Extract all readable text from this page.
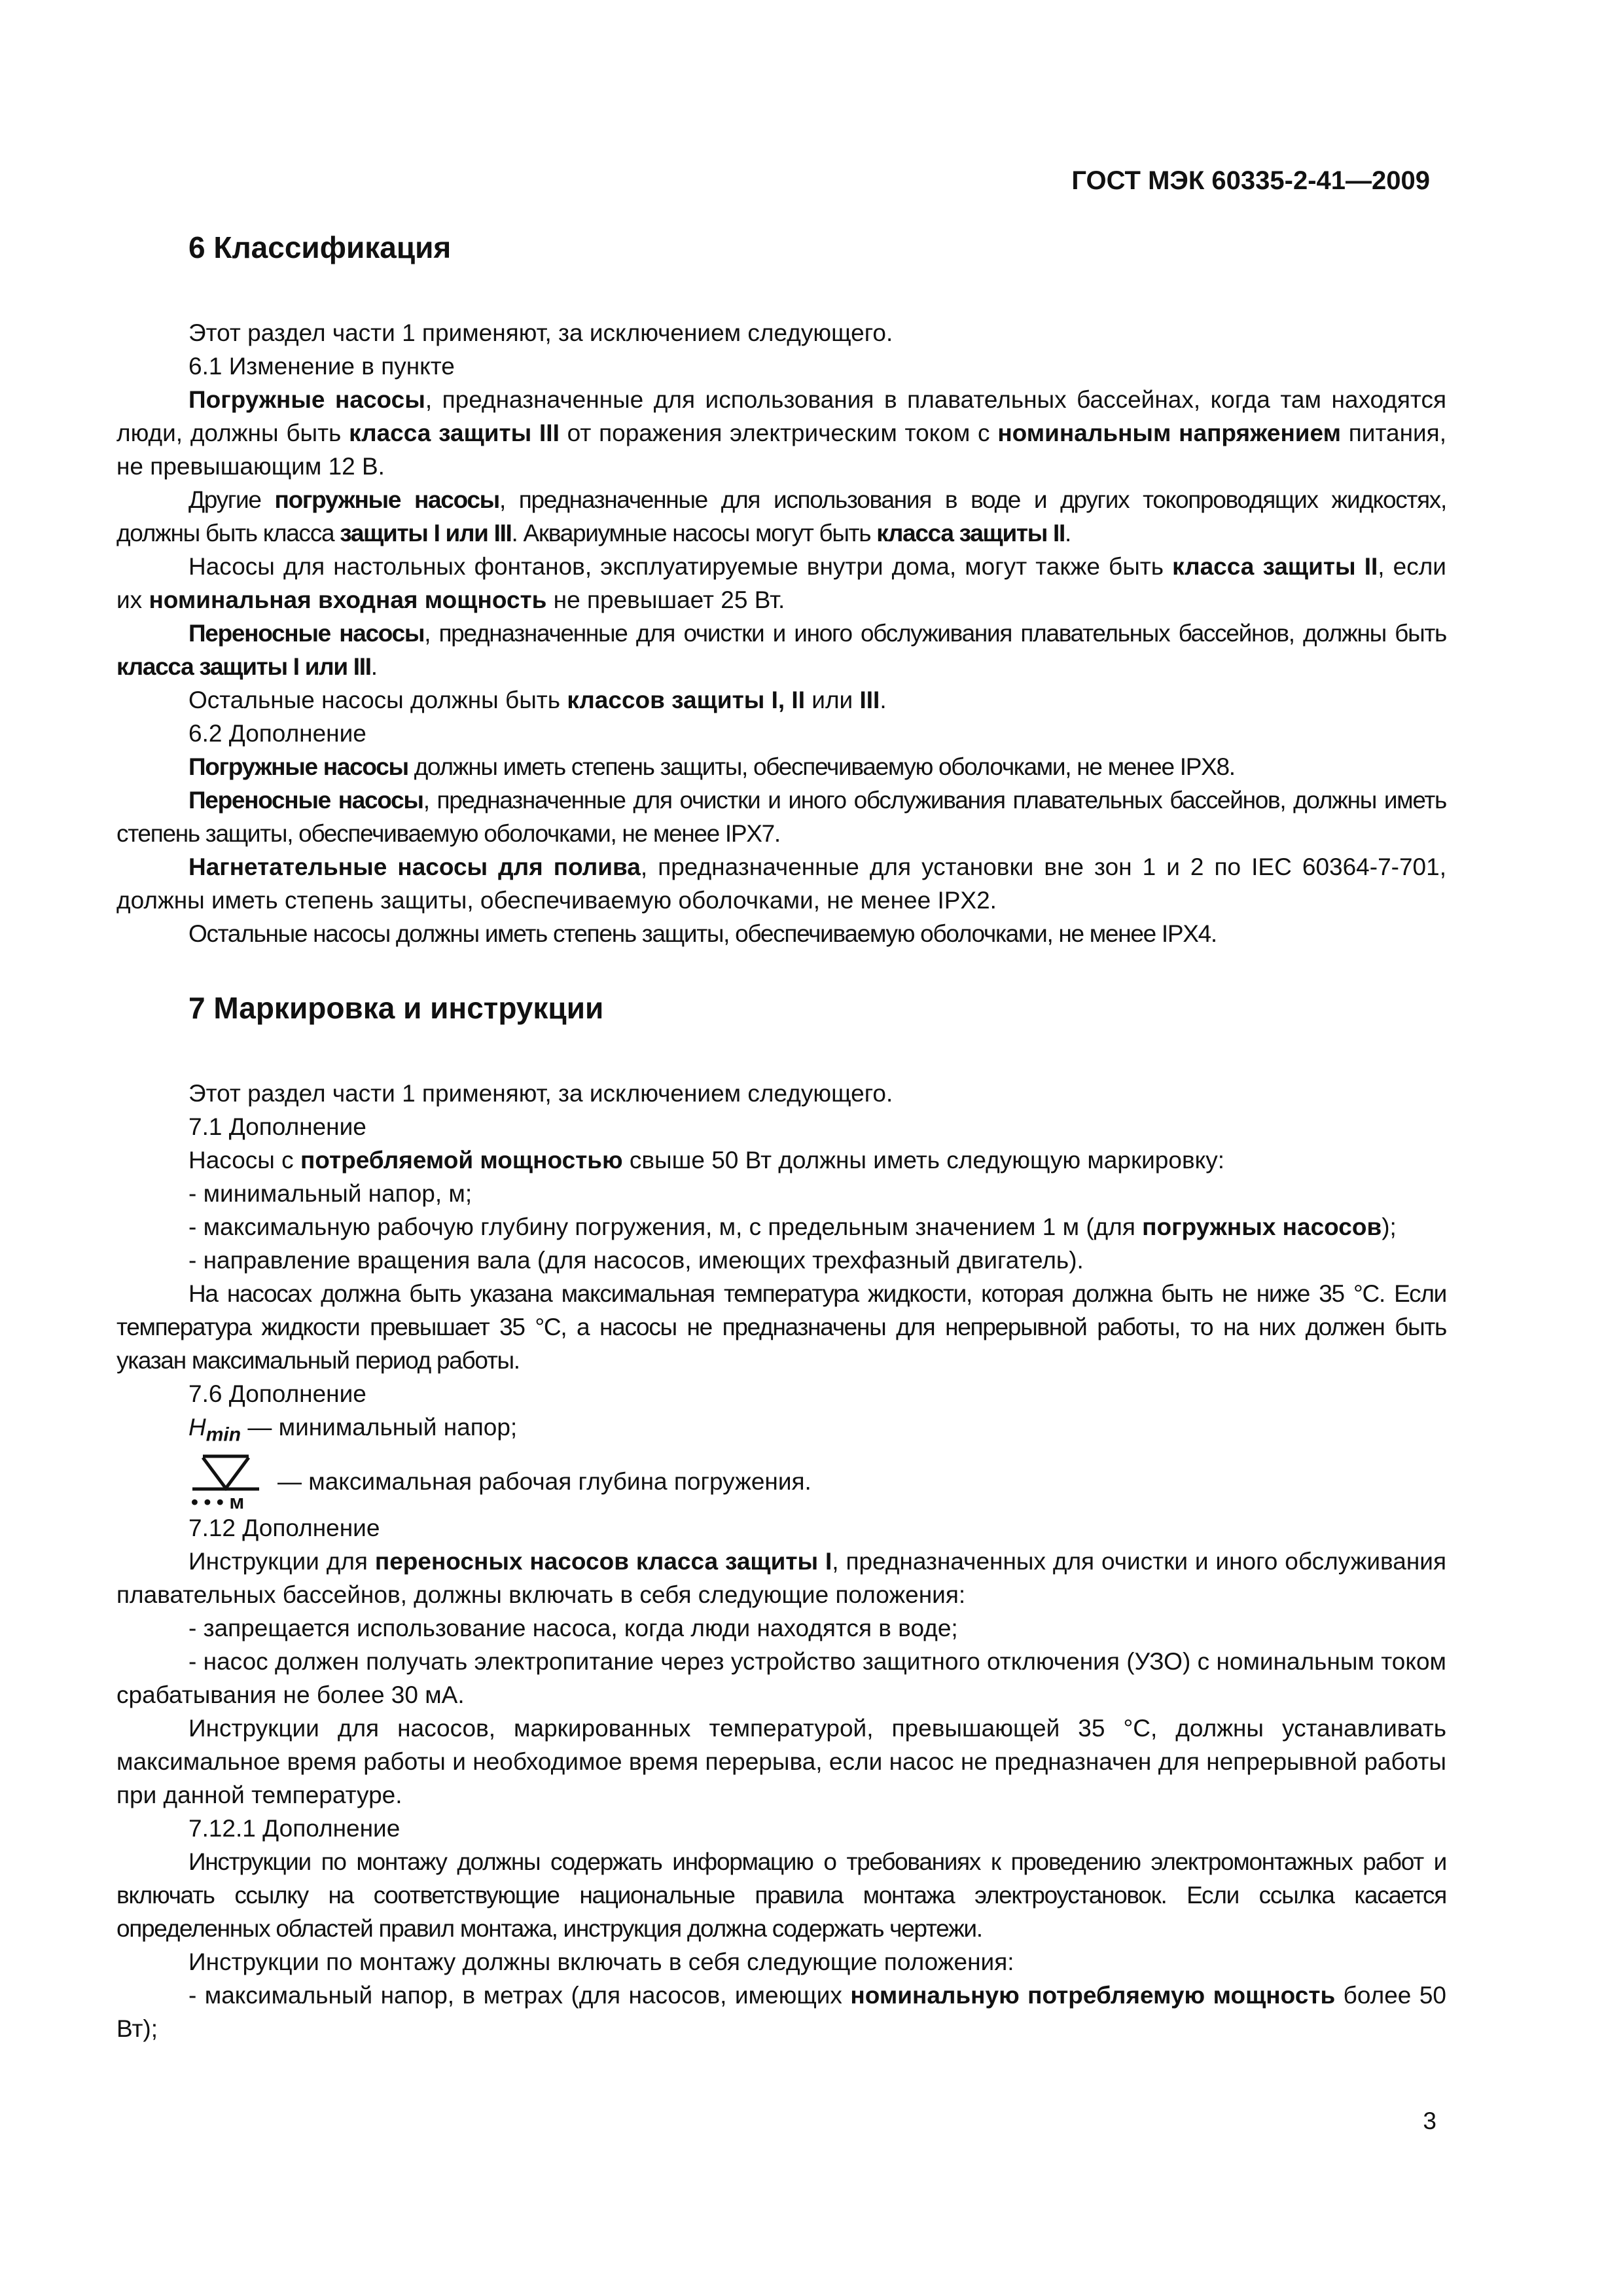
ГОСТ МЭК 60335-2-41—2009
6 Классификация

Этот раздел части 1 применяют, за исключением следующего.

6.1 Изменение в пункте

Погружные насосы, предназначенные для использования в плавательных бассейнах, когда там находятся люди, должны быть класса защиты III от поражения электрическим током с номинальным напряжением питания, не превышающим 12 В.

Другие погружные насосы, предназначенные для использования в воде и других токопроводящих жидкостях, должны быть класса защиты I или III. Аквариумные насосы могут быть класса защиты II.

Насосы для настольных фонтанов, эксплуатируемые внутри дома, могут также быть класса защиты II, если их номинальная входная мощность не превышает 25 Вт.

Переносные насосы, предназначенные для очистки и иного обслуживания плавательных бассейнов, должны быть класса защиты I или III.

Остальные насосы должны быть классов защиты I, II или III.

6.2 Дополнение

Погружные насосы должны иметь степень защиты, обеспечиваемую оболочками, не менее IPX8.

Переносные насосы, предназначенные для очистки и иного обслуживания плавательных бассейнов, должны иметь степень защиты, обеспечиваемую оболочками, не менее IPX7.

Нагнетательные насосы для полива, предназначенные для установки вне зон 1 и 2 по IEC 60364-7-701, должны иметь степень защиты, обеспечиваемую оболочками, не менее IPX2.

Остальные насосы должны иметь степень защиты, обеспечиваемую оболочками, не менее IPX4.

7 Маркировка и инструкции

Этот раздел части 1 применяют, за исключением следующего.

7.1 Дополнение

Насосы с потребляемой мощностью свыше 50 Вт должны иметь следующую маркировку:

- минимальный напор, м;

- максимальную рабочую глубину погружения, м, с предельным значением 1 м (для погружных насосов);

- направление вращения вала (для насосов, имеющих трехфазный двигатель).

На насосах должна быть указана максимальная температура жидкости, которая должна быть не ниже 35 °С. Если температура жидкости превышает 35 °С, а насосы не предназначены для непрерывной работы, то на них должен быть указан максимальный период работы.

7.6 Дополнение

$H_{min}$ — минимальный напор;

• • • м
— максимальная рабочая глубина погружения.

7.12 Дополнение

Инструкции для переносных насосов класса защиты I, предназначенных для очистки и иного обслуживания плавательных бассейнов, должны включать в себя следующие положения:

- запрещается использование насоса, когда люди находятся в воде;

- насос должен получать электропитание через устройство защитного отключения (УЗО) с номинальным током срабатывания не более 30 мА.

Инструкции для насосов, маркированных температурой, превышающей 35 °С, должны устанавливать максимальное время работы и необходимое время перерыва, если насос не предназначен для непрерывной работы при данной температуре.

7.12.1 Дополнение

Инструкции по монтажу должны содержать информацию о требованиях к проведению электромонтажных работ и включать ссылку на соответствующие национальные правила монтажа электроустановок. Если ссылка касается определенных областей правил монтажа, инструкция должна содержать чертежи.

Инструкции по монтажу должны включать в себя следующие положения:

- максимальный напор, в метрах (для насосов, имеющих номинальную потребляемую мощность более 50 Вт);

3
